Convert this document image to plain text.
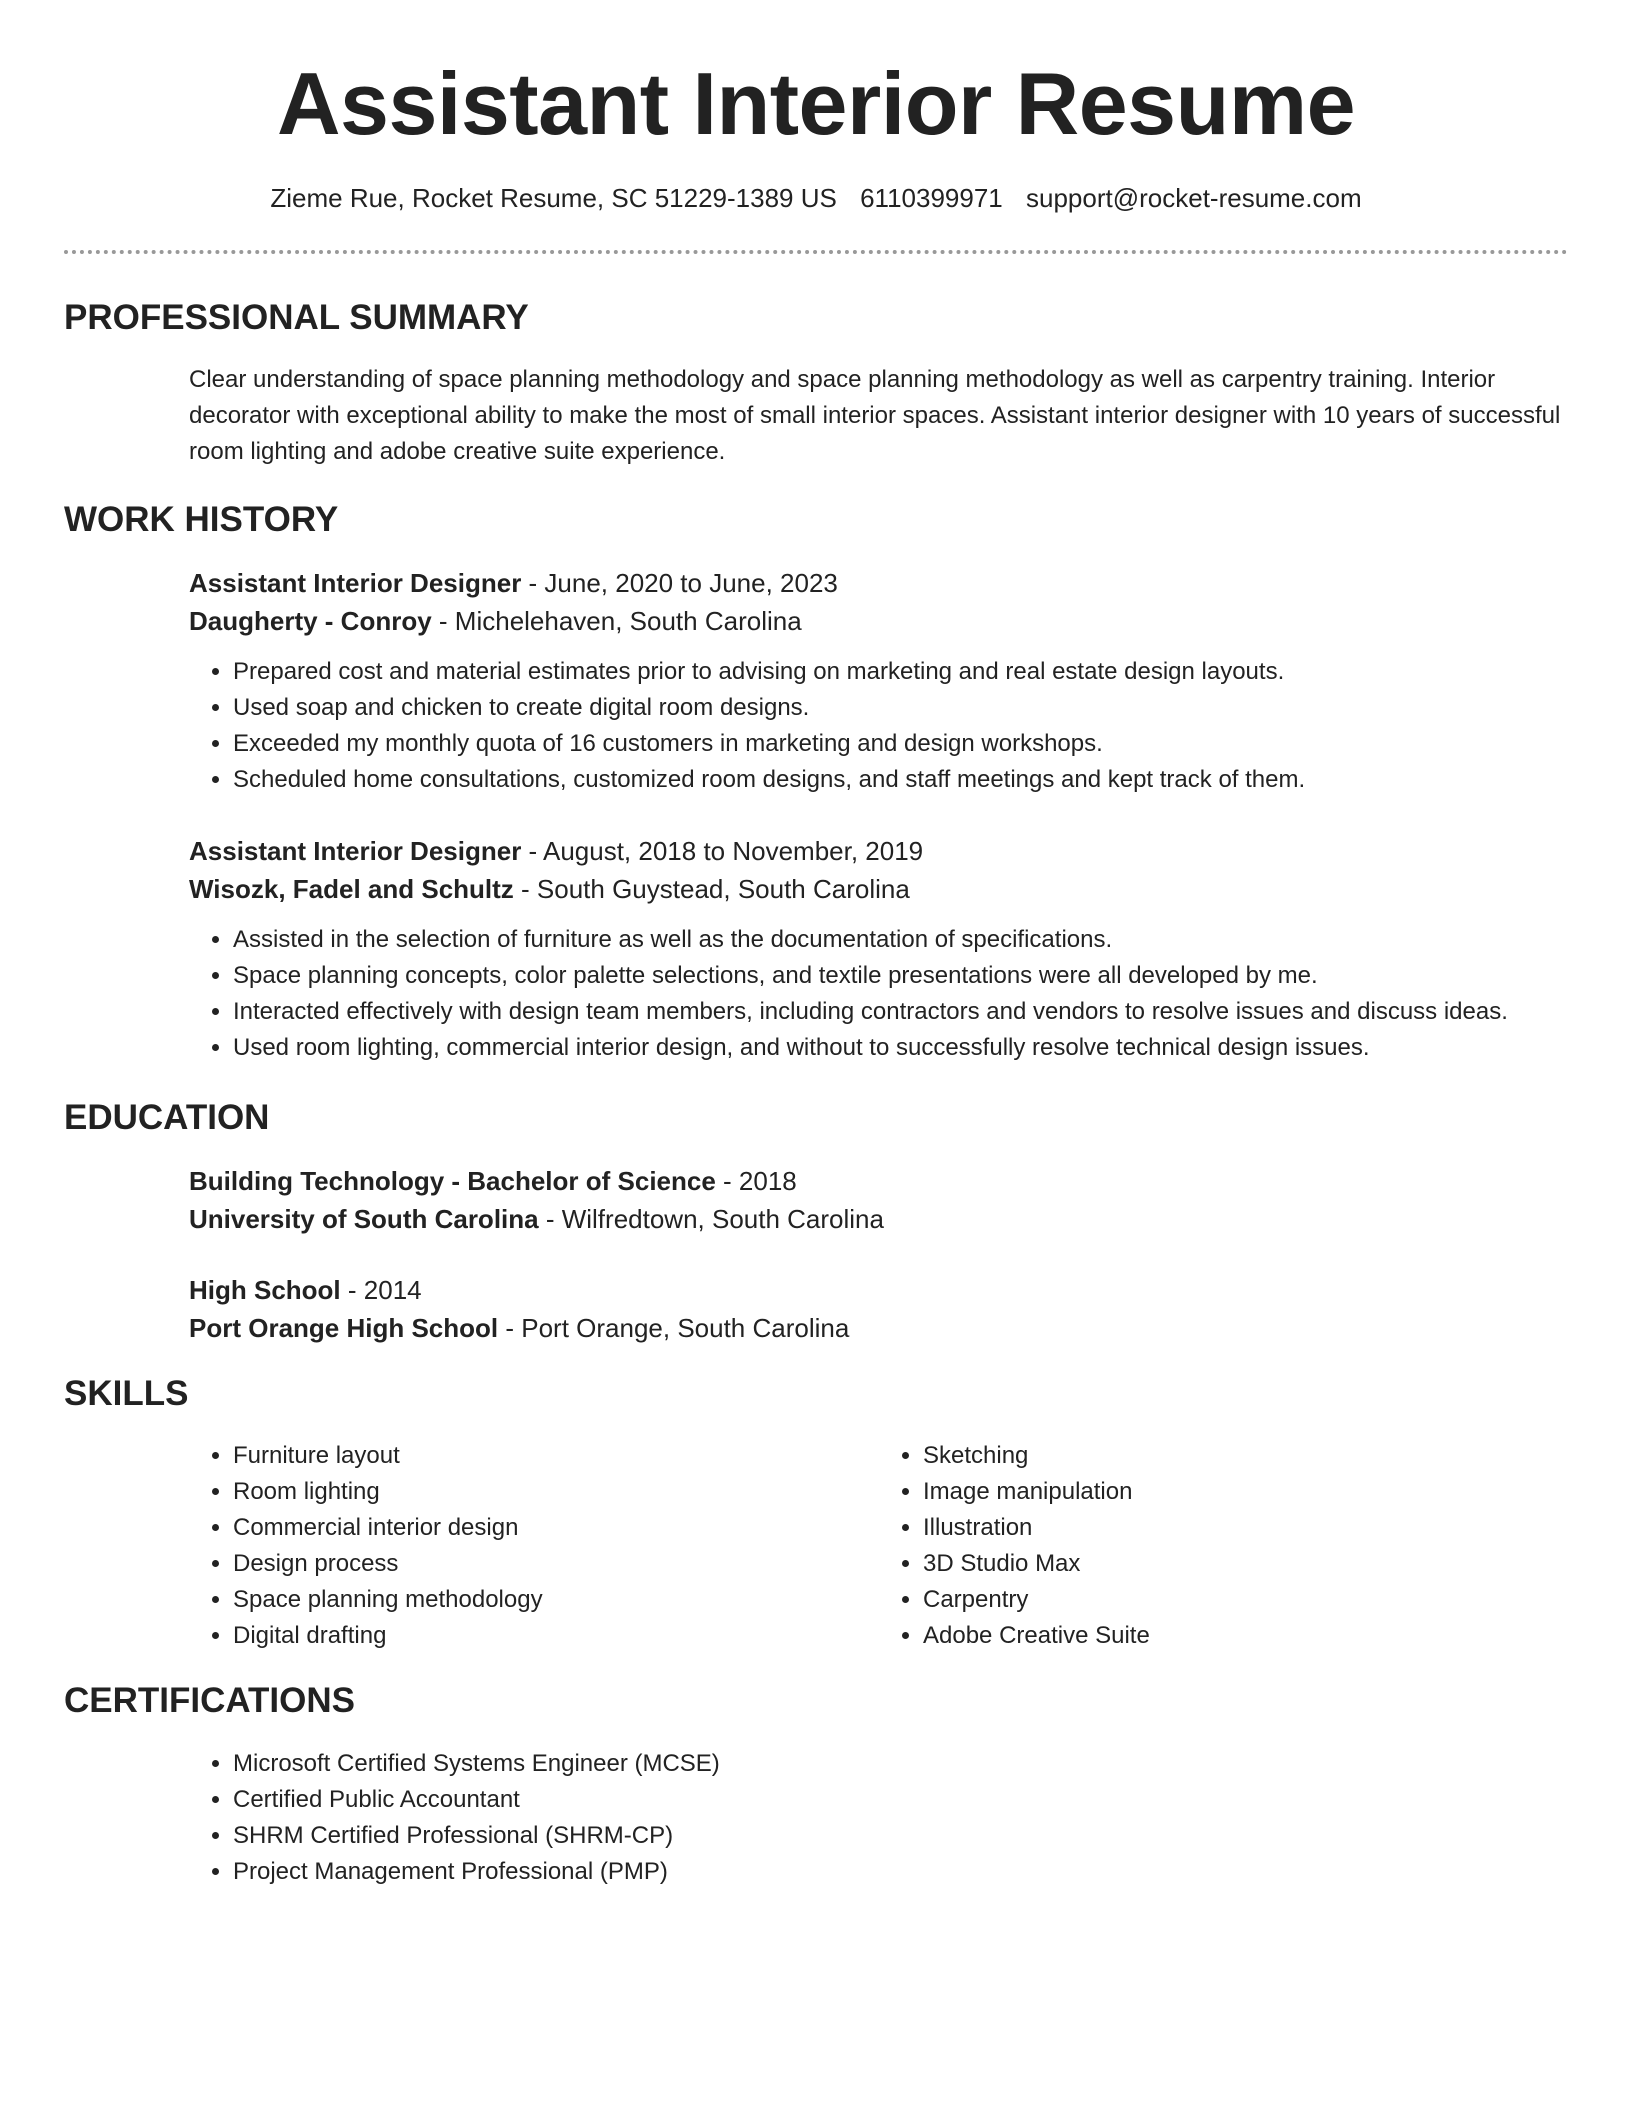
Assistant Interior Resume

Zieme Rue, Rocket Resume, SC 51229-1389 US 6110399971 support@rocket-resume.com

PROFESSIONAL SUMMARY

Clear understanding of space planning methodology and space planning methodology as well as carpentry training. Interior decorator with exceptional ability to make the most of small interior spaces. Assistant interior designer with 10 years of successful room lighting and adobe creative suite experience.

WORK HISTORY

Assistant Interior Designer - June, 2020 to June, 2023

Daugherty - Conroy - Michelehaven, South Carolina

• Prepared cost and material estimates prior to advising on marketing and real estate design layouts.
• Used soap and chicken to create digital room designs.
• Exceeded my monthly quota of 16 customers in marketing and design workshops.
• Scheduled home consultations, customized room designs, and staff meetings and kept track of them.

Assistant Interior Designer - August, 2018 to November, 2019

Wisozk, Fadel and Schultz - South Guystead, South Carolina

• Assisted in the selection of furniture as well as the documentation of specifications.
• Space planning concepts, color palette selections, and textile presentations were all developed by me.
• Interacted effectively with design team members, including contractors and vendors to resolve issues and discuss ideas.
• Used room lighting, commercial interior design, and without to successfully resolve technical design issues.
EDUCATION

Building Technology - Bachelor of Science - 2018

University of South Carolina - Wilfredtown, South Carolina

High School - 2014

Port Orange High School - Port Orange, South Carolina

SKILLS
• Furniture layout
• Room lighting
• Commercial interior design
• Design process
• Space planning methodology
• Digital drafting
• Sketching
• Image manipulation
• Illustration
• 3D Studio Max
• Carpentry
• Adobe Creative Suite
CERTIFICATIONS
• Microsoft Certified Systems Engineer (MCSE)
• Certified Public Accountant
• SHRM Certified Professional (SHRM-CP)
• Project Management Professional (PMP)
